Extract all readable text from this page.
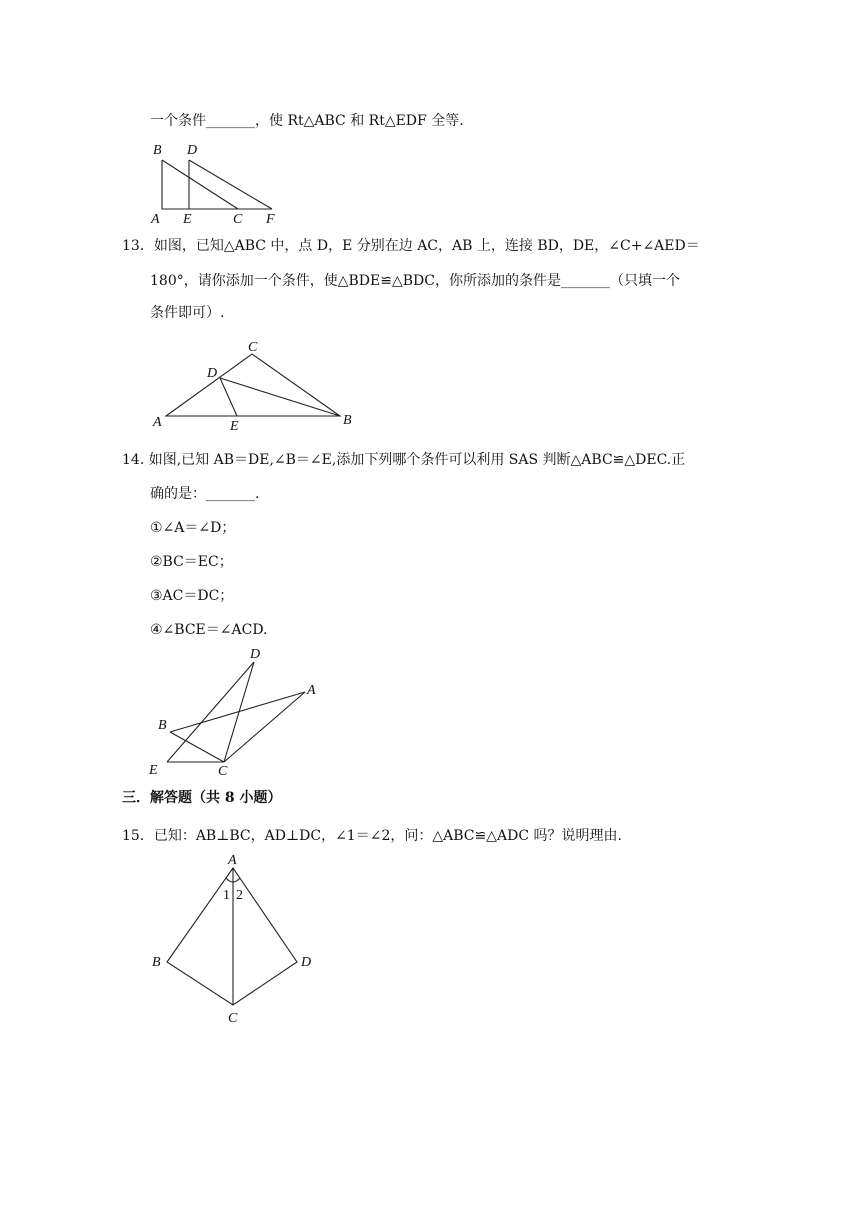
一个条件_______，使 Rt△ABC 和 Rt△EDF 全等.
B D
A E	C F
13．如图，已知△ABC 中，点 D，E 分别在边 AC，AB 上，连接 BD，DE，∠C+∠AED＝
180°，请你添加一个条件，使△BDE≌△BDC，你所添加的条件是_______（只填一个
条件即可）.
C
D
A	E	B
14. 如图,已知 AB＝DE,∠B＝∠E,添加下列哪个条件可以利用 SAS 判断△ABC≌△DEC.正
确的是：_______.
①∠A＝∠D；
②BC＝EC；
③AC＝DC；
④∠BCE＝∠ACD.
D
A
B
E	C
三．解答题（共 8 小题）
15．已知：AB⊥BC，AD⊥DC，∠1＝∠2，问：△ABC≌△ADC 吗？说明理由.
A
1 2
B	D
C
